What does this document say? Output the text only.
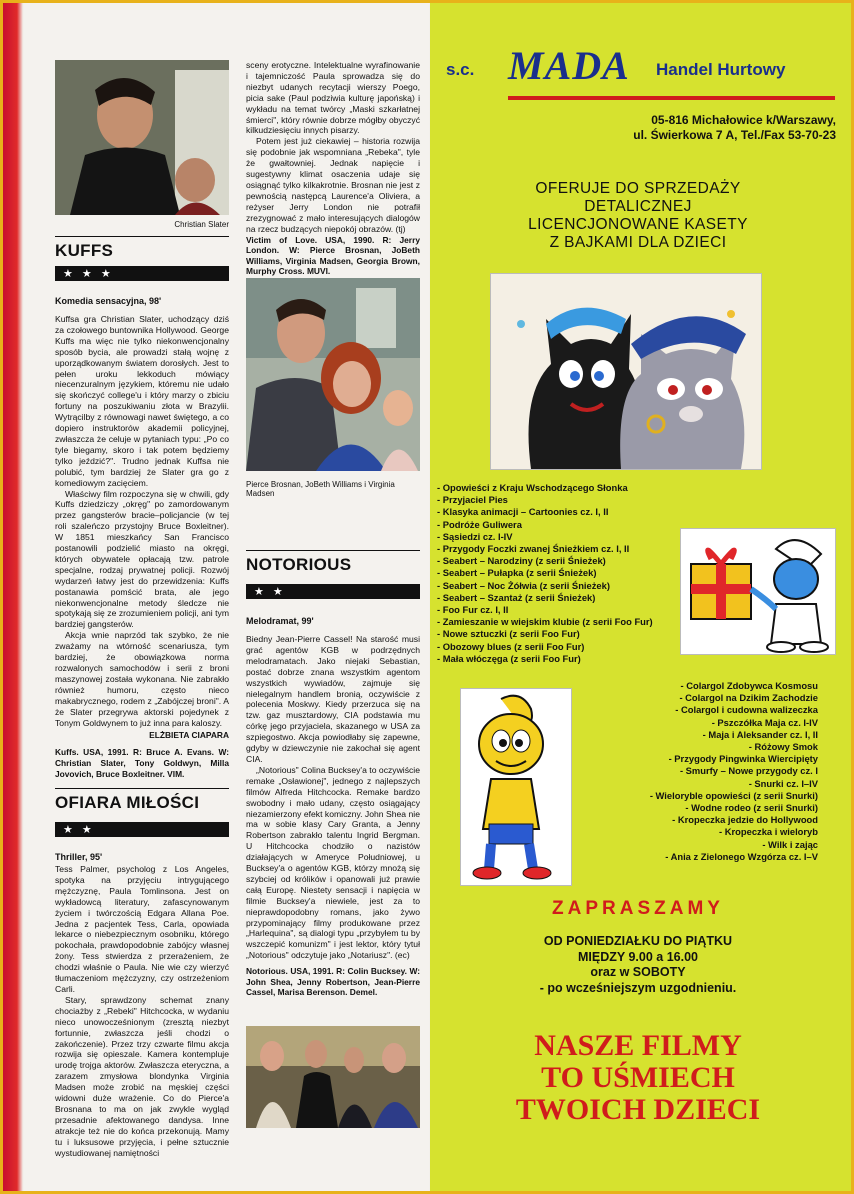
Christian Slater
KUFFS
★ ★ ★
Komedia sensacyjna, 98'

Kuffsa gra Christian Slater, uchodzący dziś za czołowego buntownika Hollywood. George Kuffs ma więc nie tylko niekonwencjonalny sposób bycia, ale prowadzi stałą wojnę z uporządkowanym światem dorosłych. Jest to pełen uroku lekkoduch mówiący niecenzuralnym językiem, któremu nie udało się skończyć college'u i który marzy o zbiciu fortuny na poszukiwaniu złota w Brazylii. Wytrącilby z równowagi nawet świętego, a co dopiero instruktorów akademii policyjnej, zwłaszcza że celuje w pytaniach typu: „Po co tyle biegamy, skoro i tak potem będziemy tylko jeździć?". Trudno jednak Kuffsa nie polubić, tym bardziej że Slater gra go z komediowym zacięciem.

Właściwy film rozpoczyna się w chwili, gdy Kuffs dziedziczy „okręg" po zamordowanym przez gangsterów bracie–policjancie (w tej roli szaleńczo przystojny Bruce Boxleitner). W 1851 mieszkańcy San Francisco postanowili podzielić miasto na okręgi, których obywatele opłacają tzw. patrole specjalne, rodzaj prywatnej policji. Rozwój wydarzeń łatwy jest do przewidzenia: Kuffs postanawia pomścić brata, ale jego niekonwencjonalne metody śledcze nie spotykają się ze zrozumieniem policji, ani tym bardziej gangsterów.

Akcja wnie naprzód tak szybko, że nie zważamy na wtórność scenariusza, tym bardziej, że obowiązkowa norma rozwalonych samochodów i serii z broni maszynowej została wykonana. Nie zabrakło również humoru, często nieco makabrycznego, rodem z „Zabójczej broni". A że Slater przegrywa aktorski pojedynek z Tonym Goldwynem to już inna para kaloszy.

ELŻBIETA CIAPARA
Kuffs. USA, 1991. R: Bruce A. Evans. W: Christian Slater, Tony Goldwyn, Milla Jovovich, Bruce Boxleitner. VIM.
OFIARA MIŁOŚCI
★ ★
Thriller, 95'

Tess Palmer, psycholog z Los Angeles, spotyka na przyjęciu intrygującego mężczyznę, Paula Tomlinsona. Jest on wykładowcą literatury, zafascynowanym życiem i twórczością Edgara Allana Poe. Jedna z pacjentek Tess, Carla, opowiada lekarce o niebezpiecznym osobniku, którego pokochała, prawdopodobnie zabójcy własnej żony. Tess stwierdza z przerażeniem, że chodzi właśnie o Paula. Nie wie czy wierzyć tłumaczeniom mężczyzny, czy ostrzeżeniom Carli.

Stary, sprawdzony schemat znany chociażby z „Rebeki" Hitchcocka, w wydaniu nieco unowocześnionym (zresztą niezbyt fortunnie, zwłaszcza jeśli chodzi o zakończenie). Przez trzy czwarte filmu akcja rozwija się opieszale. Kamera kontempluje urodę trojga aktorów. Zwłaszcza eteryczna, a zarazem zmysłowa blondynka Virginia Madsen może zrobić na męskiej części widowni duże wrażenie. Co do Pierce'a Brosnana to ma on jak zwykle wygląd przesadnie afektowanego dandysa. Inne atrakcje też nie do końca przekonują. Mamy tu i luksusowe przyjęcia, i pełne sztucznie wystudiowanej namiętności

sceny erotyczne. Intelektualne wyrafinowanie i tajemniczość Paula sprowadza się do niezbyt udanych recytacji wierszy Poego, picia sake (Paul podziwia kulturę japońską) i wykładu na temat twórcy „Maski szkarłatnej śmierci", który równie dobrze mógłby obyczyć kilkudziesięciu innych pisarzy.

Potem jest już ciekawiej – historia rozwija się podobnie jak wspomniana „Rebeka", tyle że gwałtowniej. Jednak napięcie i sugestywny klimat osaczenia udaje się osiągnąć tylko kilkakrotnie. Brosnan nie jest z pewnością następcą Laurence'a Oliviera, a reżyser Jerry London nie potrafił zrezygnować z mało interesujących dialogów na rzecz budzących niepokój obrazów. (tj)

Victim of Love. USA, 1990. R: Jerry London. W: Pierce Brosnan, JoBeth Williams, Virginia Madsen, Georgia Brown, Murphy Cross. MUVI.
Pierce Brosnan, JoBeth Williams i Virginia Madsen
NOTORIOUS
★ ★
Melodramat, 99'

Biedny Jean-Pierre Cassel! Na starość musi grać agentów KGB w podrzędnych melodramatach. Jako niejaki Sebastian, postać dobrze znana wszystkim agentom wszystkich wywiadów, zajmuje się nielegalnym handlem bronią, oczywiście z polecenia Moskwy. Kiedy przerzuca się na tzw. gaz musztardowy, CIA podstawia mu córkę jego przyjaciela, skazanego w USA za szpiegostwo. Akcja powiodłaby się zapewne, gdyby w dziewczynie nie zakochał się agent CIA.

„Notorious" Colina Bucksey'a to oczywiście remake „Osławionej", jednego z najlepszych filmów Alfreda Hitchcocka. Remake bardzo swobodny i mało udany, często osiągający niezamierzony efekt komiczny. John Shea nie ma w sobie klasy Cary Granta, a Jenny Robertson zabrakło talentu Ingrid Bergman. U Hitchcocka chodziło o nazistów działających w Ameryce Południowej, u Bucksey'a o agentów KGB, którzy mnożą się szybciej od królików i opanowali już prawie całą Europę. Niestety sensacji i napięcia w filmie Bucksey'a niewiele, jest za to nieprawdopodobny romans, jako żywo przypominający filmy produkowane przez „Harlequina", są dialogi typu „przybyłem tu by wszczepić komunizm" i jest lektor, który tytuł „Notorious" odczytuje jako „Notariusz". (ec)

Notorious. USA, 1991. R: Colin Bucksey. W: John Shea, Jenny Robertson, Jean-Pierre Cassel, Marisa Berenson. Demel.
s.c. MADA Handel Hurtowy
05-816 Michałowice k/Warszawy,
ul. Świerkowa 7 A, Tel./Fax 53-70-23
OFERUJE DO SPRZEDAŻY
DETALICZNEJ
LICENCJONOWANE KASETY
Z BAJKAMI DLA DZIECI
- Opowieści z Kraju Wschodzącego Słonka
- Przyjaciel Pies
- Klasyka animacji – Cartoonies cz. I, II
- Podróże Guliwera
- Sąsiedzi cz. I-IV
- Przygody Foczki zwanej Śnieżkiem cz. I, II
- Seabert – Narodziny (z serii Śnieżek)
- Seabert – Pułapka (z serii Śnieżek)
- Seabert – Noc Żółwia (z serii Śnieżek)
- Seabert – Szantaż (z serii Śnieżek)
- Foo Fur cz. I, II
- Zamieszanie w wiejskim klubie (z serii Foo Fur)
- Nowe sztuczki (z serii Foo Fur)
- Obozowy blues (z serii Foo Fur)
- Mała włóczęga (z serii Foo Fur)
- Colargol Zdobywca Kosmosu
- Colargol na Dzikim Zachodzie
- Colargol i cudowna walizeczka
- Pszczółka Maja cz. I-IV
- Maja i Aleksander cz. I, II
- Różowy Smok
- Przygody Pingwinka Wiercipięty
- Smurfy – Nowe przygody cz. I
- Snurki cz. I–IV
- Wieloryble opowieści (z serii Snurki)
- Wodne rodeo (z serii Snurki)
- Kropeczka jedzie do Hollywood
- Kropeczka i wieloryb
- Wilk i zając
- Ania z Zielonego Wzgórza cz. I–V
ZAPRASZAMY
OD PONIEDZIAŁKU DO PIĄTKU
MIĘDZY 9.00 a 16.00
oraz w SOBOTY
- po wcześniejszym uzgodnieniu.
NASZE FILMY
TO UŚMIECH
TWOICH DZIECI
